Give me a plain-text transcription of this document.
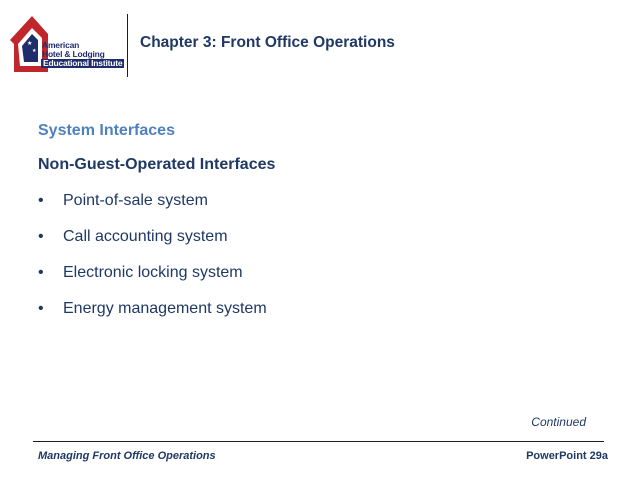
★
★
American
Hotel & Lodging
Educational Institute
Chapter 3: Front Office Operations
System Interfaces
Non-Guest-Operated Interfaces
•	Point-of-sale system
•	Call accounting system
•	Electronic locking system
•	Energy management system
Continued
Managing Front Office Operations	PowerPoint 29a
